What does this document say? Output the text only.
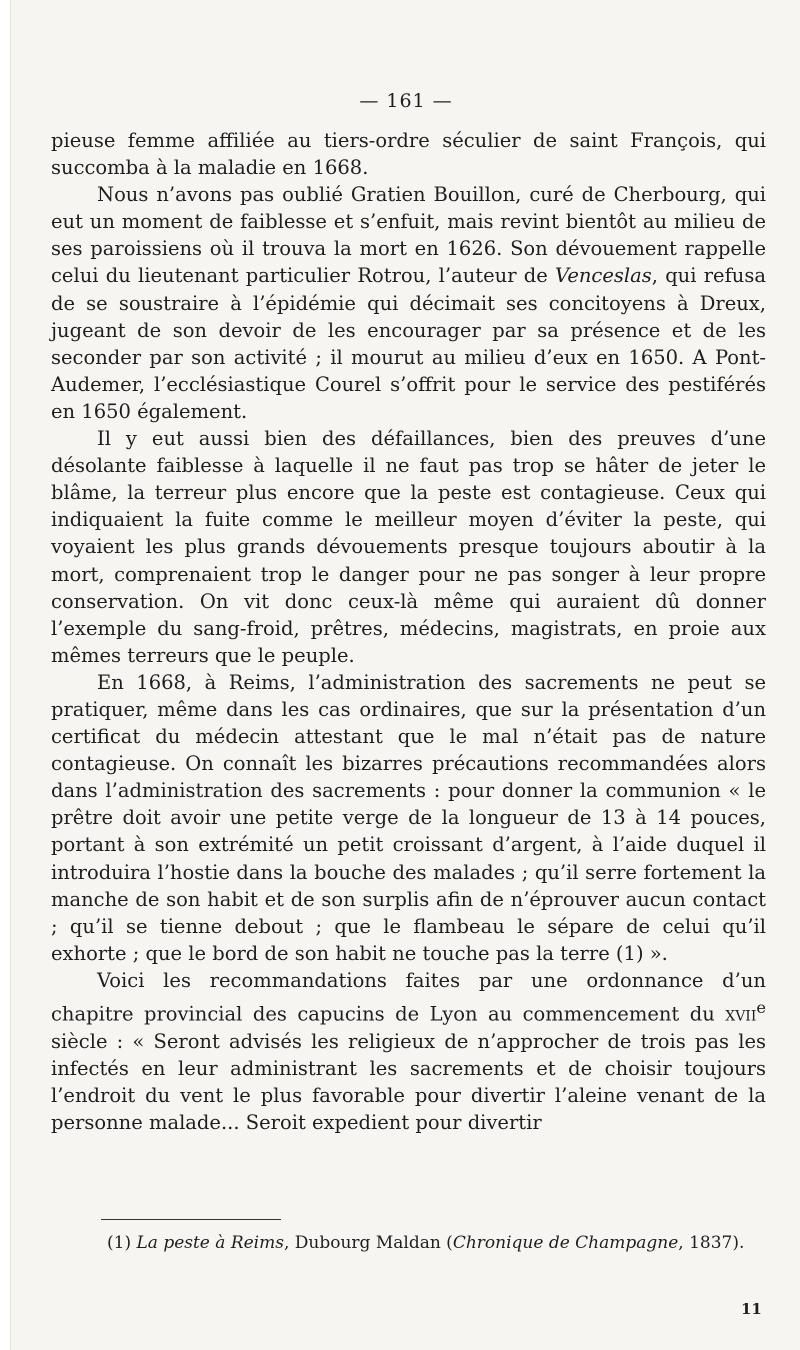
— 161 —

pieuse femme affiliée au tiers-ordre séculier de saint François, qui succomba à la maladie en 1668.

Nous n’avons pas oublié Gratien Bouillon, curé de Cherbourg, qui eut un moment de faiblesse et s’enfuit, mais revint bientôt au milieu de ses paroissiens où il trouva la mort en 1626. Son dévouement rappelle celui du lieutenant particulier Rotrou, l’auteur de Venceslas, qui refusa de se soustraire à l’épidémie qui décimait ses concitoyens à Dreux, jugeant de son devoir de les encourager par sa présence et de les seconder par son activité ; il mourut au milieu d’eux en 1650. A Pont-Audemer, l’ecclésiastique Courel s’offrit pour le service des pestiférés en 1650 également.

Il y eut aussi bien des défaillances, bien des preuves d’une désolante faiblesse à laquelle il ne faut pas trop se hâter de jeter le blâme, la terreur plus encore que la peste est contagieuse. Ceux qui indiquaient la fuite comme le meilleur moyen d’éviter la peste, qui voyaient les plus grands dévouements presque toujours aboutir à la mort, comprenaient trop le danger pour ne pas songer à leur propre conservation. On vit donc ceux-là même qui auraient dû donner l’exemple du sang-froid, prêtres, médecins, magistrats, en proie aux mêmes terreurs que le peuple.

En 1668, à Reims, l’administration des sacrements ne peut se pratiquer, même dans les cas ordinaires, que sur la présentation d’un certificat du médecin attestant que le mal n’était pas de nature contagieuse. On connaît les bizarres précautions recommandées alors dans l’administration des sacrements : pour donner la communion « le prêtre doit avoir une petite verge de la longueur de 13 à 14 pouces, portant à son extrémité un petit croissant d’argent, à l’aide duquel il introduira l’hostie dans la bouche des malades ; qu’il serre fortement la manche de son habit et de son surplis afin de n’éprouver aucun contact ; qu’il se tienne debout ; que le flambeau le sépare de celui qu’il exhorte ; que le bord de son habit ne touche pas la terre (1) ».

Voici les recommandations faites par une ordonnance d’un chapitre provincial des capucins de Lyon au commencement du xvii$^e$ siècle : « Seront advisés les religieux de n’approcher de trois pas les infectés en leur administrant les sacrements et de choisir toujours l’endroit du vent le plus favorable pour divertir l’aleine venant de la personne malade... Seroit expedient pour divertir

(1) La peste à Reims, Dubourg Maldan (Chronique de Champagne, 1837).
11
